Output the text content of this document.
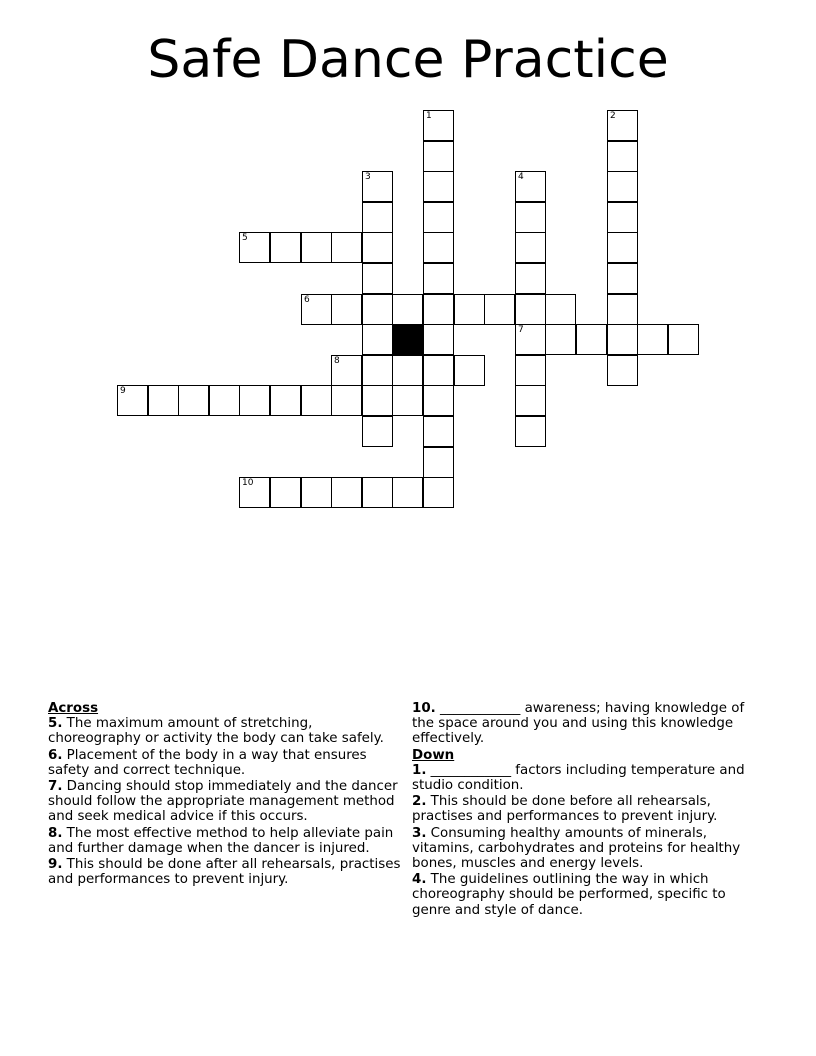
Safe Dance Practice
1	2
3	4
7
5
6
8
9
10
Across
5. The maximum amount of stretching, choreography or activity the body can take safely.
6. Placement of the body in a way that ensures safety and correct technique.
7. Dancing should stop immediately and the dancer should follow the appropriate management method and seek medical advice if this occurs.
8. The most effective method to help alleviate pain and further damage when the dancer is injured.
9. This should be done after all rehearsals, practises and performances to prevent injury.
10. ____________ awareness; having knowledge of the space around you and using this knowledge effectively.
Down
1. ____________ factors including temperature and studio condition.
2. This should be done before all rehearsals, practises and performances to prevent injury.
3. Consuming healthy amounts of minerals, vitamins, carbohydrates and proteins for healthy bones, muscles and energy levels.
4. The guidelines outlining the way in which choreography should be performed, specific to genre and style of dance.
